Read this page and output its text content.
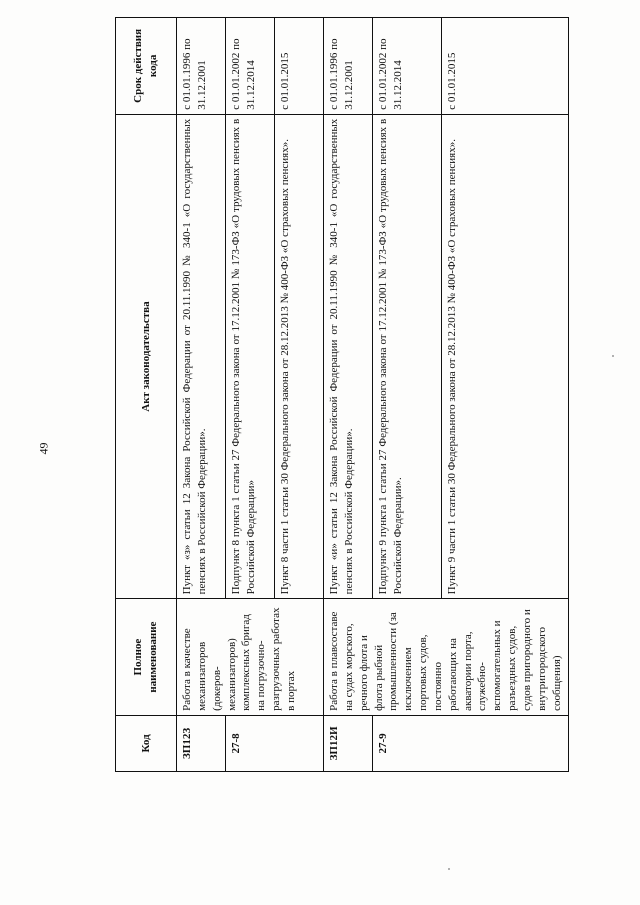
49
Код	Полное наименование	Акт законодательства	Срок действия кода
ЗП12З	Работа в качестве механизаторов (докеров-механизаторов) комплексных бригад на погрузочно-разгрузочных работах в портах	Пункт «з» статьи 12 Закона Российской Федерации от 20.11.1990 № 340-1 «О государственных пенсиях в Российской Федерации».	с 01.01.1996 по 31.12.2001
27-8		Подпункт 8 пункта 1 статьи 27 Федерального закона от 17.12.2001 № 173-ФЗ «О трудовых пенсиях в Российской Федерации»	с 01.01.2002 по 31.12.2014
		Пункт 8 части 1 статьи 30 Федерального закона от 28.12.2013 № 400-ФЗ «О страховых пенсиях».	с 01.01.2015
ЗП12И	Работа в плавсоставе на судах морского, речного флота и флота рыбной промышленности (за исключением портовых судов, постоянно работающих на акватории порта, служебно-вспомогательных и разъездных судов, судов пригородного и внутригородского сообщения)	Пункт «и» статьи 12 Закона Российской Федерации от 20.11.1990 № 340-1 «О государственных пенсиях в Российской Федерации».	с 01.01.1996 по 31.12.2001
27-9		Подпункт 9 пункта 1 статьи 27 Федерального закона от 17.12.2001 № 173-ФЗ «О трудовых пенсиях в Российской Федерации».	с 01.01.2002 по 31.12.2014
		Пункт 9 части 1 статьи 30 Федерального закона от 28.12.2013 № 400-ФЗ «О страховых пенсиях».	с 01.01.2015
